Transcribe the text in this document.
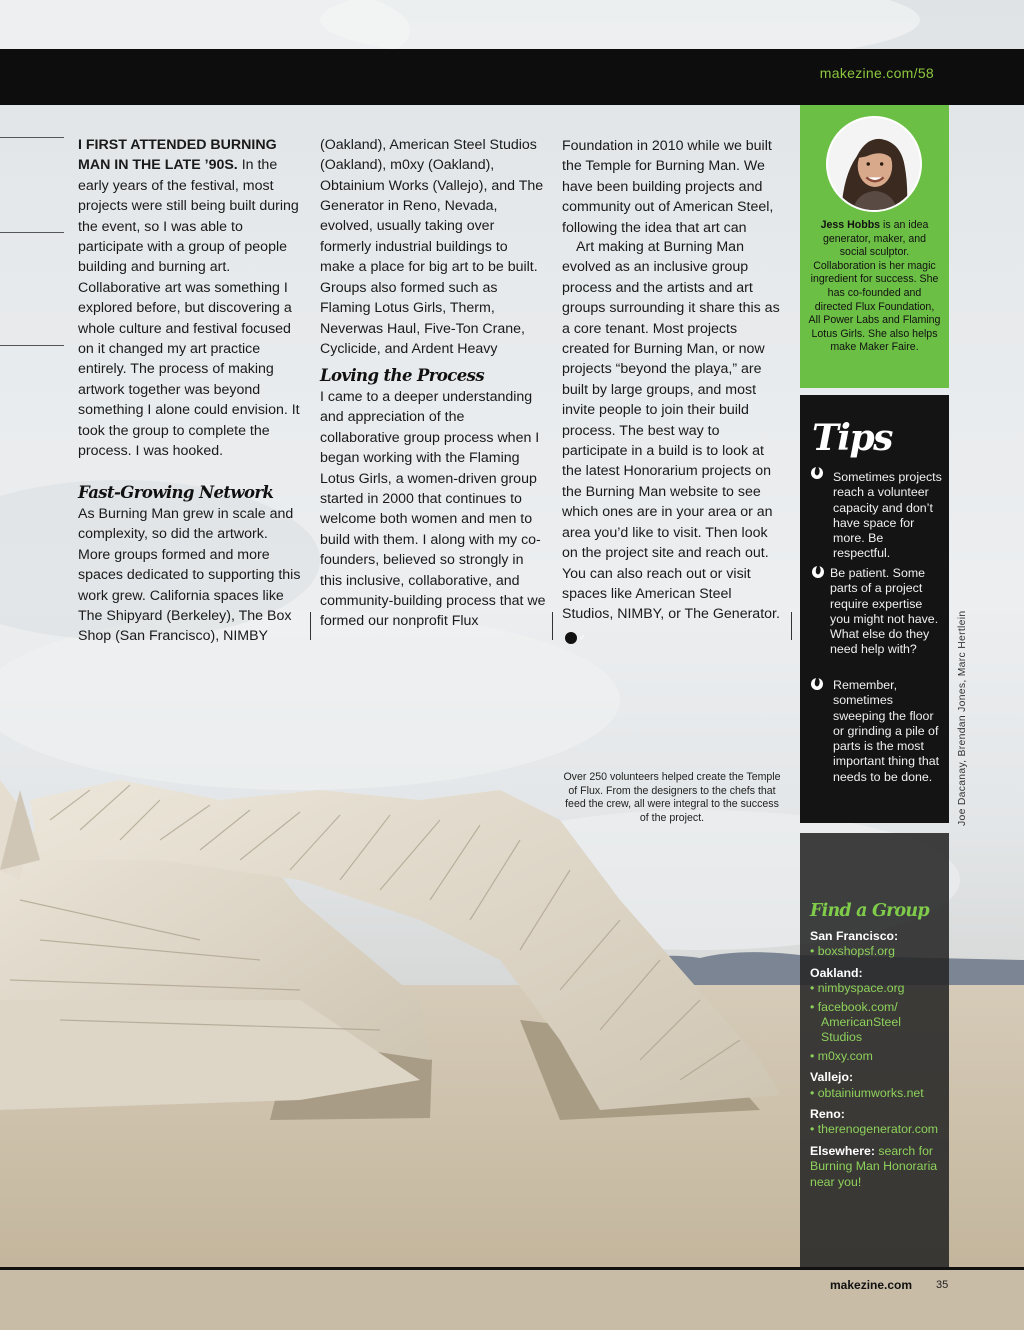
makezine.com/58

I FIRST ATTENDED BURNING MAN IN THE LATE ’90S. In the early years of the festival, most projects were still being built during the event, so I was able to participate with a group of people building and burning art. Collaborative art was something I explored before, but discovering a whole culture and festival focused on it changed my art practice entirely. The process of making artwork together was beyond something I alone could envision. It took the group to complete the process. I was hooked.

Fast-Growing Network

As Burning Man grew in scale and complexity, so did the artwork. More groups formed and more spaces dedicated to supporting this work grew. California spaces like The Shipyard (Berkeley), The Box Shop (San Francisco), NIMBY

(Oakland), American Steel Studios (Oakland), m0xy (Oakland), Obtainium Works (Vallejo), and The Generator in Reno, Nevada, evolved, usually taking over formerly industrial buildings to make a place for big art to be built. Groups also formed such as Flaming Lotus Girls, Therm, Neverwas Haul, Five-Ton Crane, Cyclicide, and Ardent Heavy

Loving the Process

I came to a deeper understanding and appreciation of the collaborative group process when I began working with the Flaming Lotus Girls, a women-driven group started in 2000 that continues to welcome both women and men to build with them. I along with my co-founders, believed so strongly in this inclusive, collaborative, and community-building process that we formed our nonprofit Flux

Foundation in 2010 while we built the Temple for Burning Man. We have been building projects and community out of American Steel, following the idea that art can

Art making at Burning Man evolved as an inclusive group process and the artists and art groups surrounding it share this as a core tenant. Most projects created for Burning Man, or now projects “beyond the playa,” are built by large groups, and most invite people to join their build process. The best way to participate in a build is to look at the latest Honorarium projects on the Burning Man website to see which ones are in your area or an area you’d like to visit. Then look on the project site and reach out. You can also reach out or visit spaces like American Steel Studios, NIMBY, or The Generator.✓

Jess Hobbs is an idea generator, maker, and social sculptor. Collaboration is her magic ingredient for success. She has co-founded and directed Flux Foundation, All Power Labs and Flaming Lotus Girls. She also helps make Maker Faire.
Tips
Sometimes projects reach a volunteer capacity and don’t have space for more. Be respectful.
Be patient. Some parts of a project require expertise you might not have. What else do they need help with?
Remember, sometimes sweeping the floor or grinding a pile of parts is the most important thing that needs to be done.
Find a Group
San Francisco:
• boxshopsf.org
Oakland:
• nimbyspace.org
• facebook.com/ AmericanSteel Studios
• m0xy.com
Vallejo:
• obtainiumworks.net
Reno:
• therenogenerator.com
Elsewhere: search for Burning Man Honoraria near you!
Joe Dacanay, Brendan Jones, Marc Hertlein
Over 250 volunteers helped create the Temple of Flux. From the designers to the chefs that feed the crew, all were integral to the success of the project.
makezine.com 35
